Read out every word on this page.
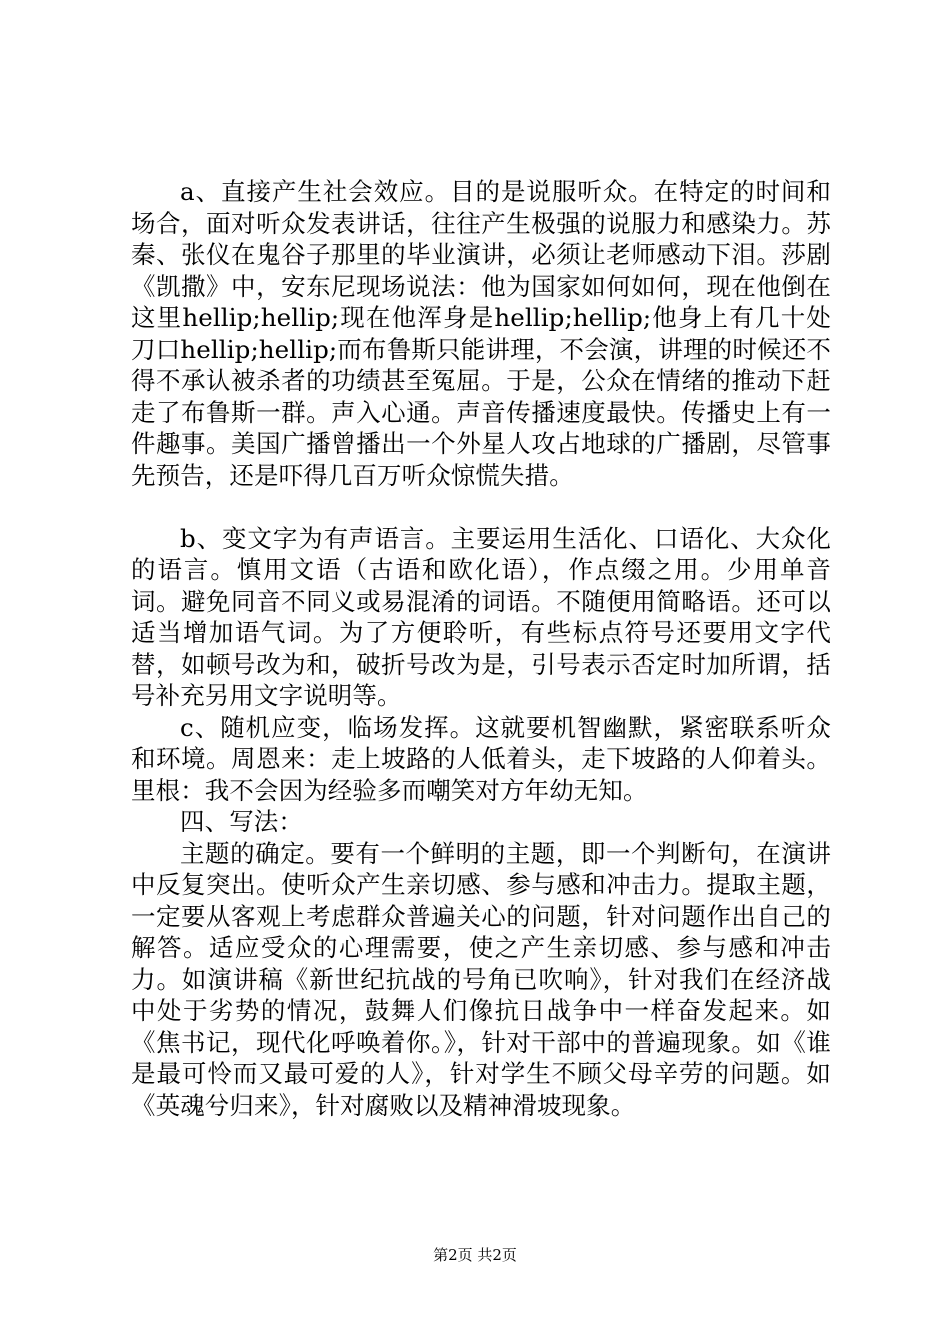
a、直接产生社会效应。目的是说服听众。在特定的时间和场合，面对听众发表讲话，往往产生极强的说服力和感染力。苏秦、张仪在鬼谷子那里的毕业演讲，必须让老师感动下泪。莎剧《凯撒》中，安东尼现场说法：他为国家如何如何，现在他倒在这里hellip;hellip;现在他浑身是hellip;hellip;他身上有几十处刀口hellip;hellip;而布鲁斯只能讲理，不会演，讲理的时候还不得不承认被杀者的功绩甚至冤屈。于是，公众在情绪的推动下赶走了布鲁斯一群。声入心通。声音传播速度最快。传播史上有一件趣事。美国广播曾播出一个外星人攻占地球的广播剧，尽管事先预告，还是吓得几百万听众惊慌失措。

b、变文字为有声语言。主要运用生活化、口语化、大众化的语言。慎用文语（古语和欧化语），作点缀之用。少用单音词。避免同音不同义或易混淆的词语。不随便用简略语。还可以适当增加语气词。为了方便聆听，有些标点符号还要用文字代替，如顿号改为和，破折号改为是，引号表示否定时加所谓，括号补充另用文字说明等。

c、随机应变，临场发挥。这就要机智幽默，紧密联系听众和环境。周恩来：走上坡路的人低着头，走下坡路的人仰着头。里根：我不会因为经验多而嘲笑对方年幼无知。

四、写法：

主题的确定。要有一个鲜明的主题，即一个判断句，在演讲中反复突出。使听众产生亲切感、参与感和冲击力。提取主题，一定要从客观上考虑群众普遍关心的问题，针对问题作出自己的解答。适应受众的心理需要，使之产生亲切感、参与感和冲击力。如演讲稿《新世纪抗战的号角已吹响》，针对我们在经济战中处于劣势的情况，鼓舞人们像抗日战争中一样奋发起来。如《焦书记，现代化呼唤着你。》，针对干部中的普遍现象。如《谁是最可怜而又最可爱的人》，针对学生不顾父母辛劳的问题。如《英魂兮归来》，针对腐败以及精神滑坡现象。

第2页 共2页
